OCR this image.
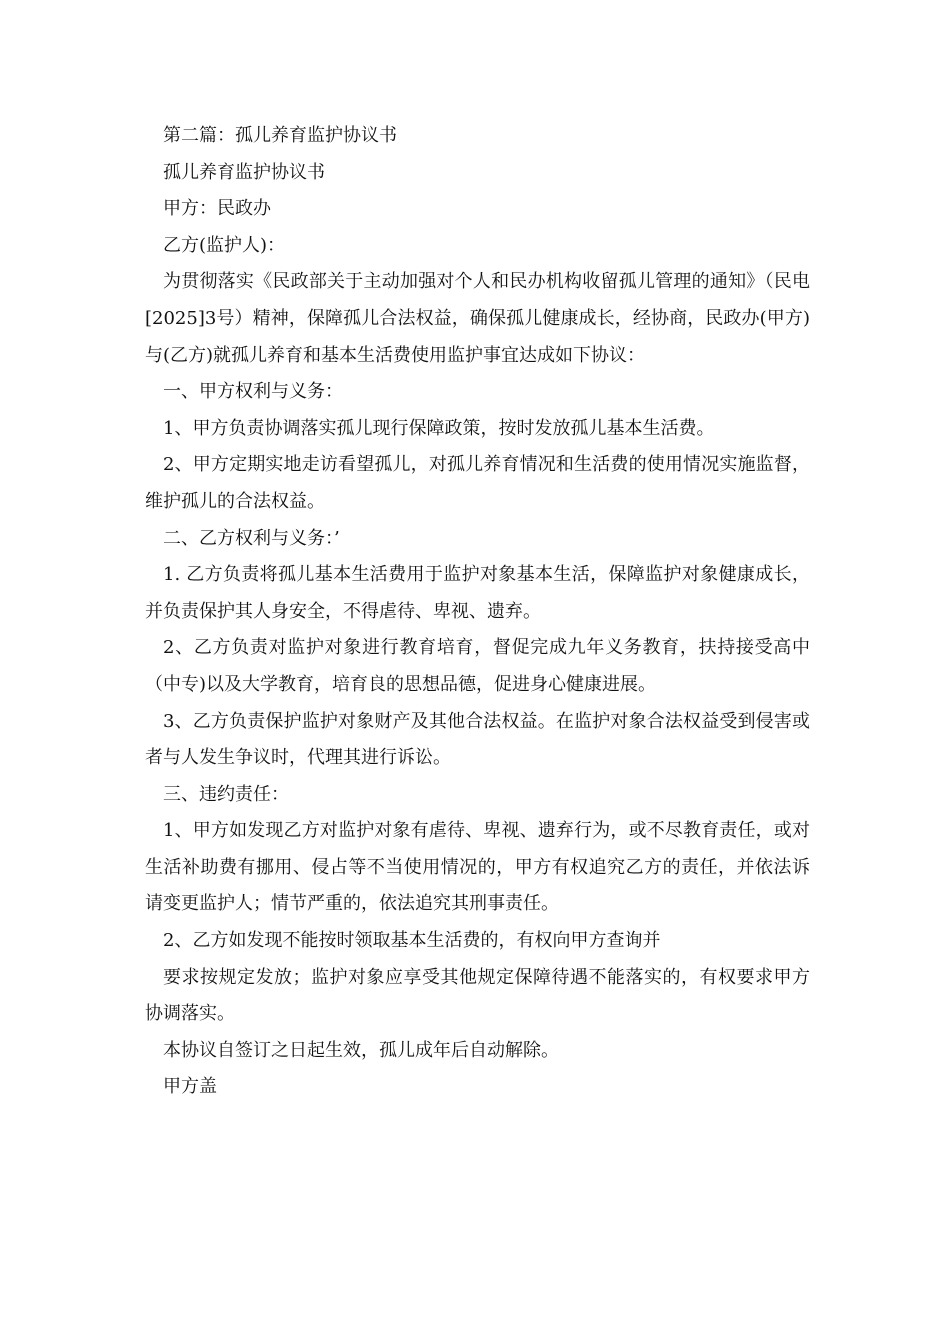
第二篇：孤儿养育监护协议书

孤儿养育监护协议书

甲方：民政办

乙方(监护人)：

为贯彻落实《民政部关于主动加强对个人和民办机构收留孤儿管理的通知》（民电[2025]3号）精神，保障孤儿合法权益，确保孤儿健康成长，经协商，民政办(甲方)与(乙方)就孤儿养育和基本生活费使用监护事宜达成如下协议：

一、甲方权利与义务：

1、甲方负责协调落实孤儿现行保障政策，按时发放孤儿基本生活费。

2、甲方定期实地走访看望孤儿，对孤儿养育情况和生活费的使用情况实施监督，维护孤儿的合法权益。

二、乙方权利与义务：’

1. 乙方负责将孤儿基本生活费用于监护对象基本生活，保障监护对象健康成长，并负责保护其人身安全，不得虐待、卑视、遗弃。

2、乙方负责对监护对象进行教育培育，督促完成九年义务教育，扶持接受高中（中专)以及大学教育，培育良的思想品德，促进身心健康进展。

3、乙方负责保护监护对象财产及其他合法权益。在监护对象合法权益受到侵害或者与人发生争议时，代理其进行诉讼。

三、违约责任：

1、甲方如发现乙方对监护对象有虐待、卑视、遗弃行为，或不尽教育责任，或对生活补助费有挪用、侵占等不当使用情况的，甲方有权追究乙方的责任，并依法诉请变更监护人；情节严重的，依法追究其刑事责任。

2、乙方如发现不能按时领取基本生活费的，有权向甲方查询并

要求按规定发放；监护对象应享受其他规定保障待遇不能落实的，有权要求甲方协调落实。

本协议自签订之日起生效，孤儿成年后自动解除。

甲方盖
